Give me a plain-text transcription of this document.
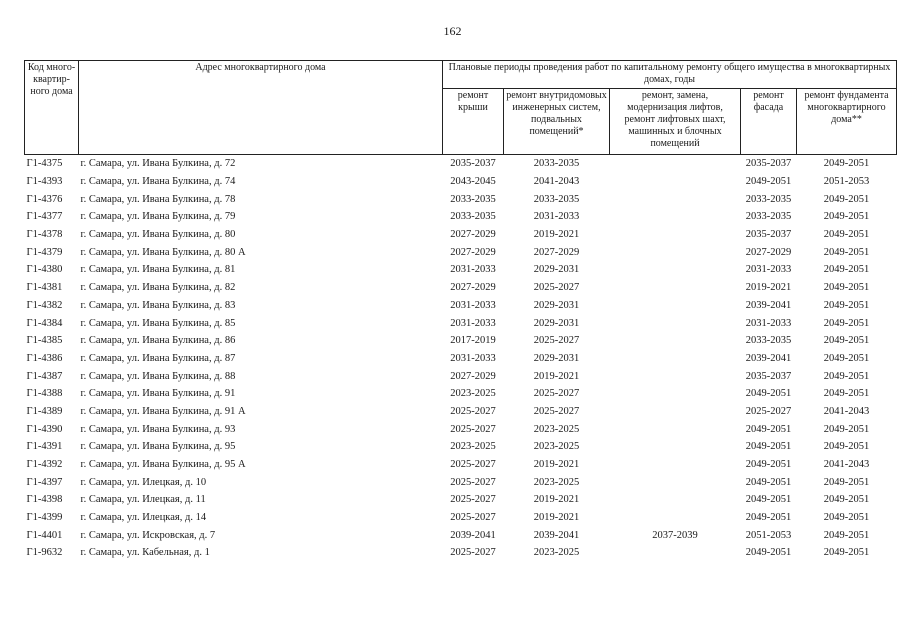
162
Код много-квартир-ного дома	Адрес многоквартирного дома	Плановые периоды проведения работ по капитальному ремонту общего имущества в многоквартирных домах, годы				
		ремонт крыши	ремонт внутридомовых инженерных систем, подвальных помещений*	ремонт, замена, модернизация лифтов, ремонт лифтовых шахт, машинных и блочных помещений	ремонт фасада	ремонт фундамента многоквартирного дома**
Г1-4375	г. Самара, ул. Ивана Булкина, д. 72	2035-2037	2033-2035		2035-2037	2049-2051
Г1-4393	г. Самара, ул. Ивана Булкина, д. 74	2043-2045	2041-2043		2049-2051	2051-2053
Г1-4376	г. Самара, ул. Ивана Булкина, д. 78	2033-2035	2033-2035		2033-2035	2049-2051
Г1-4377	г. Самара, ул. Ивана Булкина, д. 79	2033-2035	2031-2033		2033-2035	2049-2051
Г1-4378	г. Самара, ул. Ивана Булкина, д. 80	2027-2029	2019-2021		2035-2037	2049-2051
Г1-4379	г. Самара, ул. Ивана Булкина, д. 80 А	2027-2029	2027-2029		2027-2029	2049-2051
Г1-4380	г. Самара, ул. Ивана Булкина, д. 81	2031-2033	2029-2031		2031-2033	2049-2051
Г1-4381	г. Самара, ул. Ивана Булкина, д. 82	2027-2029	2025-2027		2019-2021	2049-2051
Г1-4382	г. Самара, ул. Ивана Булкина, д. 83	2031-2033	2029-2031		2039-2041	2049-2051
Г1-4384	г. Самара, ул. Ивана Булкина, д. 85	2031-2033	2029-2031		2031-2033	2049-2051
Г1-4385	г. Самара, ул. Ивана Булкина, д. 86	2017-2019	2025-2027		2033-2035	2049-2051
Г1-4386	г. Самара, ул. Ивана Булкина, д. 87	2031-2033	2029-2031		2039-2041	2049-2051
Г1-4387	г. Самара, ул. Ивана Булкина, д. 88	2027-2029	2019-2021		2035-2037	2049-2051
Г1-4388	г. Самара, ул. Ивана Булкина, д. 91	2023-2025	2025-2027		2049-2051	2049-2051
Г1-4389	г. Самара, ул. Ивана Булкина, д. 91 А	2025-2027	2025-2027		2025-2027	2041-2043
Г1-4390	г. Самара, ул. Ивана Булкина, д. 93	2025-2027	2023-2025		2049-2051	2049-2051
Г1-4391	г. Самара, ул. Ивана Булкина, д. 95	2023-2025	2023-2025		2049-2051	2049-2051
Г1-4392	г. Самара, ул. Ивана Булкина, д. 95 А	2025-2027	2019-2021		2049-2051	2041-2043
Г1-4397	г. Самара, ул. Илецкая, д. 10	2025-2027	2023-2025		2049-2051	2049-2051
Г1-4398	г. Самара, ул. Илецкая, д. 11	2025-2027	2019-2021		2049-2051	2049-2051
Г1-4399	г. Самара, ул. Илецкая, д. 14	2025-2027	2019-2021		2049-2051	2049-2051
Г1-4401	г. Самара, ул. Искровская, д. 7	2039-2041	2039-2041	2037-2039	2051-2053	2049-2051
Г1-9632	г. Самара, ул. Кабельная, д. 1	2025-2027	2023-2025		2049-2051	2049-2051
